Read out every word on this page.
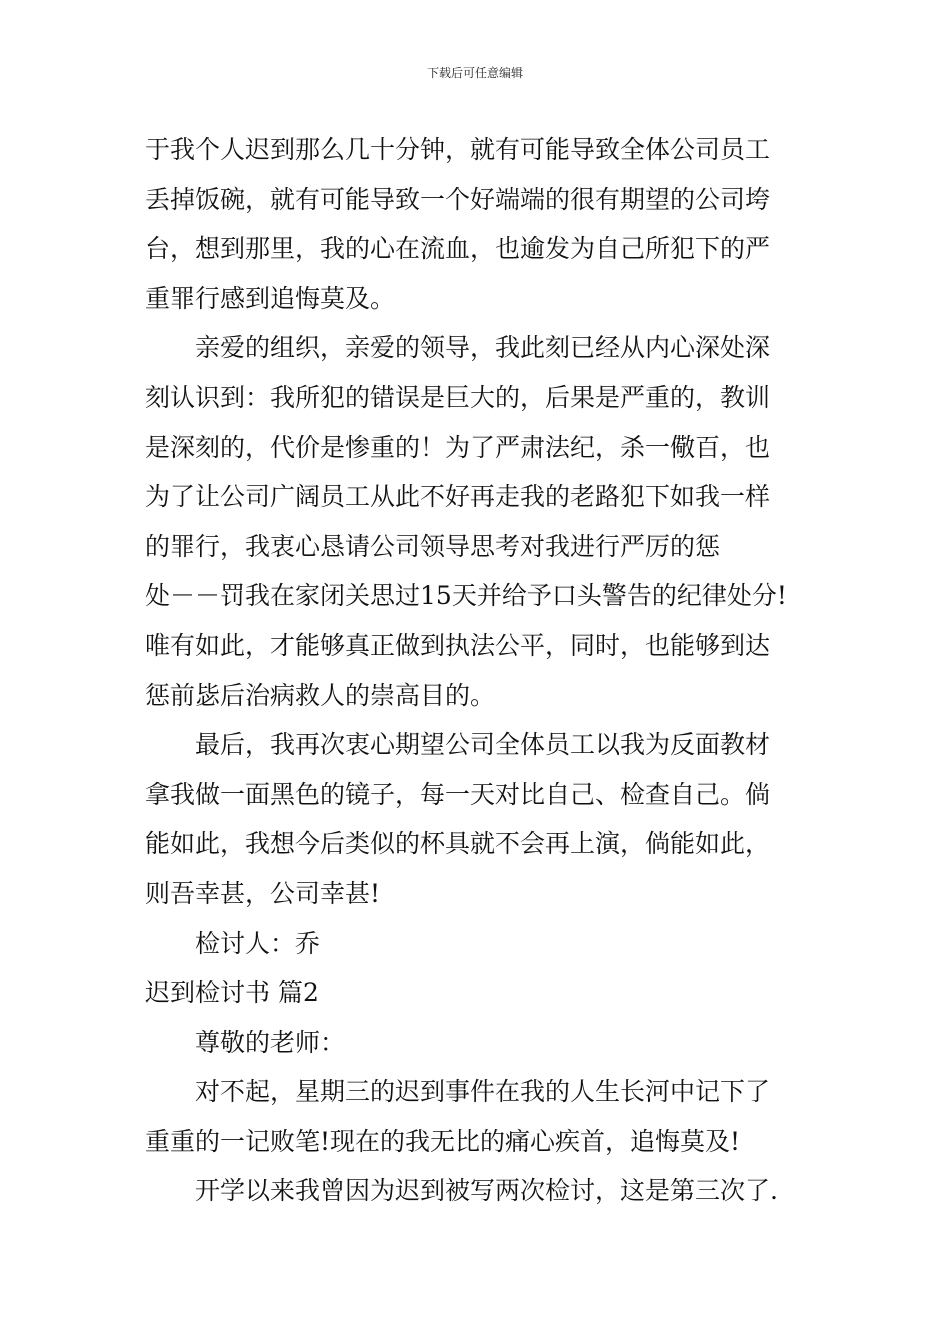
下载后可任意编辑
于我个人迟到那么几十分钟，就有可能导致全体公司员工
丢掉饭碗，就有可能导致一个好端端的很有期望的公司垮
台，想到那里，我的心在流血，也逾发为自己所犯下的严
重罪行感到追悔莫及。
亲爱的组织，亲爱的领导，我此刻已经从内心深处深
刻认识到：我所犯的错误是巨大的，后果是严重的，教训
是深刻的，代价是惨重的！为了严肃法纪，杀一儆百，也
为了让公司广阔员工从此不好再走我的老路犯下如我一样
的罪行，我衷心恳请公司领导思考对我进行严厉的惩
处－－罚我在家闭关思过15天并给予口头警告的纪律处分!
唯有如此，才能够真正做到执法公平，同时，也能够到达
惩前毖后治病救人的崇高目的。
最后，我再次衷心期望公司全体员工以我为反面教材
拿我做一面黑色的镜子，每一天对比自己、检查自己。倘
能如此，我想今后类似的杯具就不会再上演，倘能如此，
则吾幸甚，公司幸甚!
检讨人：乔
迟到检讨书 篇2
尊敬的老师：
对不起，星期三的迟到事件在我的人生长河中记下了
重重的一记败笔!现在的我无比的痛心疾首，追悔莫及!
开学以来我曾因为迟到被写两次检讨，这是第三次了.
